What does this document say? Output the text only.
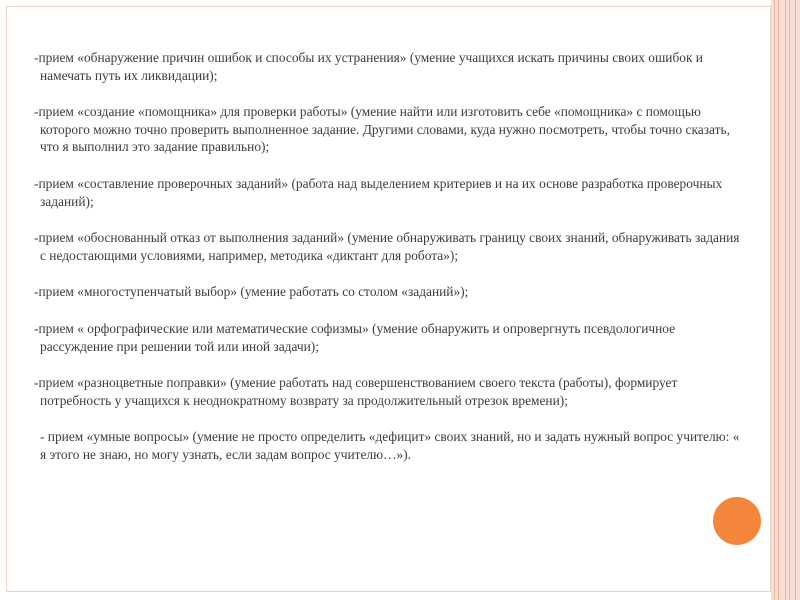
-прием «обнаружение причин ошибок и способы их устранения» (умение учащихся искать причины своих ошибок и намечать путь их ликвидации);

-прием «создание «помощника» для проверки работы» (умение найти или изготовить себе «помощника» с помощью которого можно точно проверить выполненное задание. Другими словами, куда нужно посмотреть, чтобы точно сказать, что я выполнил это задание правильно);

-прием «составление проверочных заданий» (работа над выделением критериев и на их основе разработка проверочных заданий);

-прием «обоснованный отказ от выполнения заданий» (умение обнаруживать границу своих знаний, обнаруживать задания с недостающими условиями, например, методика «диктант для робота»);

-прием «многоступенчатый выбор» (умение работать со столом «заданий»);

-прием « орфографические или математические софизмы» (умение обнаружить и опровергнуть псевдологичное рассуждение при решении той или иной задачи);

-прием «разноцветные поправки» (умение работать над совершенствованием своего текста (работы), формирует потребность у учащихся к неоднократному возврату за продолжительный отрезок времени);

- прием «умные вопросы» (умение не просто определить «дефицит» своих знаний, но и задать нужный вопрос учителю: « я этого не знаю, но могу узнать, если задам вопрос учителю…»).
